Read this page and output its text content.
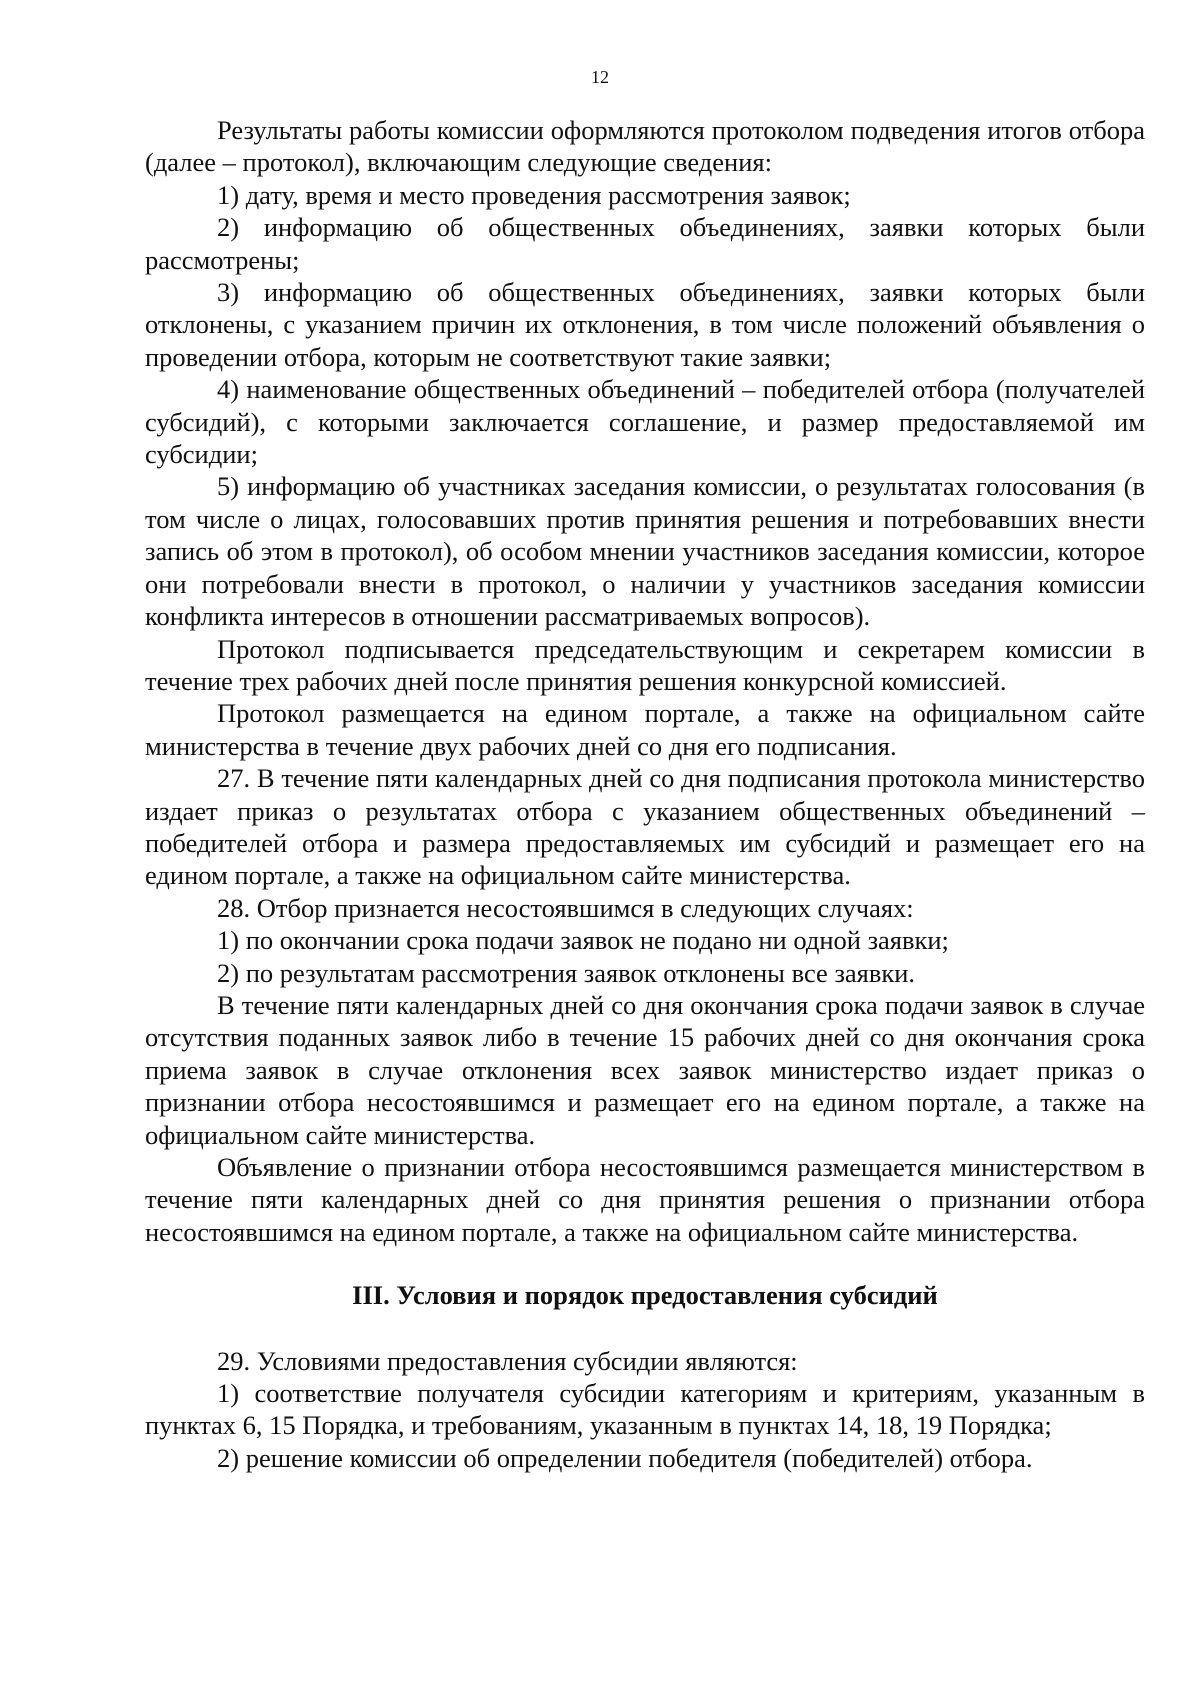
12

Результаты работы комиссии оформляются протоколом подведения итогов отбора (далее – протокол), включающим следующие сведения:

1) дату, время и место проведения рассмотрения заявок;

2) информацию об общественных объединениях, заявки которых были рассмотрены;

3) информацию об общественных объединениях, заявки которых были отклонены, с указанием причин их отклонения, в том числе положений объявления о проведении отбора, которым не соответствуют такие заявки;

4) наименование общественных объединений – победителей отбора (получателей субсидий), с которыми заключается соглашение, и размер предоставляемой им субсидии;

5) информацию об участниках заседания комиссии, о результатах голосования (в том числе о лицах, голосовавших против принятия решения и потребовавших внести запись об этом в протокол), об особом мнении участников заседания комиссии, которое они потребовали внести в протокол, о наличии у участников заседания комиссии конфликта интересов в отношении рассматриваемых вопросов).

Протокол подписывается председательствующим и секретарем комиссии в течение трех рабочих дней после принятия решения конкурсной комиссией.

Протокол размещается на едином портале, а также на официальном сайте министерства в течение двух рабочих дней со дня его подписания.

27. В течение пяти календарных дней со дня подписания протокола министерство издает приказ о результатах отбора с указанием общественных объединений – победителей отбора и размера предоставляемых им субсидий и размещает его на едином портале, а также на официальном сайте министерства.

28. Отбор признается несостоявшимся в следующих случаях:

1) по окончании срока подачи заявок не подано ни одной заявки;

2) по результатам рассмотрения заявок отклонены все заявки.

В течение пяти календарных дней со дня окончания срока подачи заявок в случае отсутствия поданных заявок либо в течение 15 рабочих дней со дня окончания срока приема заявок в случае отклонения всех заявок министерство издает приказ о признании отбора несостоявшимся и размещает его на едином портале, а также на официальном сайте министерства.

Объявление о признании отбора несостоявшимся размещается министерством в течение пяти календарных дней со дня принятия решения о признании отбора несостоявшимся на едином портале, а также на официальном сайте министерства.

III. Условия и порядок предоставления субсидий

29. Условиями предоставления субсидии являются:

1) соответствие получателя субсидии категориям и критериям, указанным в пунктах 6, 15 Порядка, и требованиям, указанным в пунктах 14, 18, 19 Порядка;

2) решение комиссии об определении победителя (победителей) отбора.
